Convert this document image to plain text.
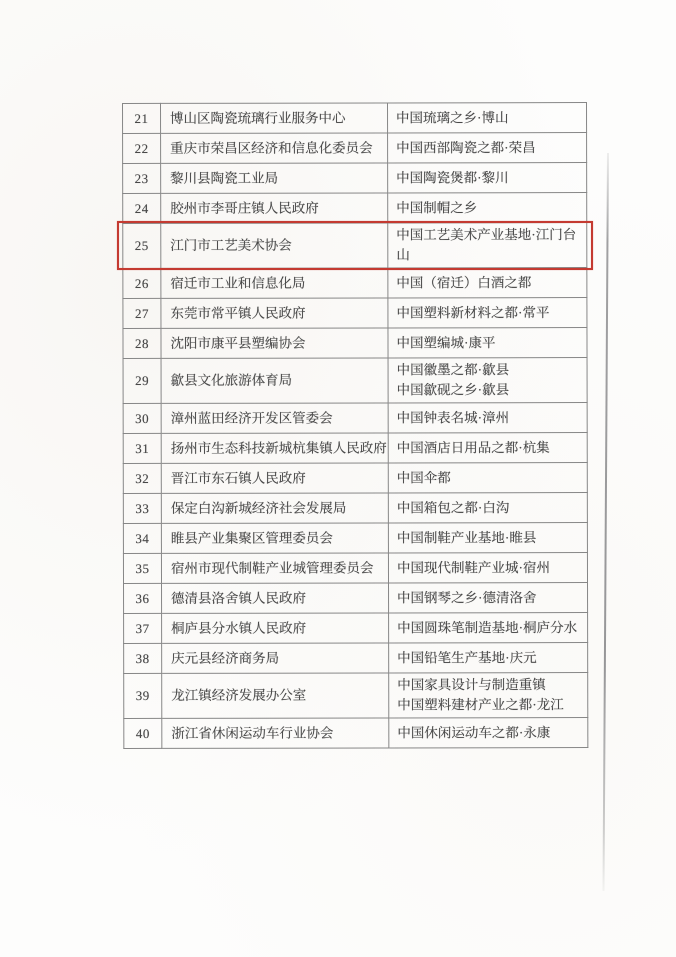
21	博山区陶瓷琉璃行业服务中心	中国琉璃之乡·博山

22	重庆市荣昌区经济和信息化委员会	中国西部陶瓷之都·荣昌

23	黎川县陶瓷工业局	中国陶瓷煲都·黎川

24	胶州市李哥庄镇人民政府	中国制帽之乡

25	江门市工艺美术协会	中国工艺美术产业基地·江门台山

26	宿迁市工业和信息化局	中国（宿迁）白酒之都

27	东莞市常平镇人民政府	中国塑料新材料之都·常平

28	沈阳市康平县塑编协会	中国塑编城·康平

29	歙县文化旅游体育局	中国徽墨之都·歙县
中国歙砚之乡·歙县

30	漳州蓝田经济开发区管委会	中国钟表名城·漳州

31	扬州市生态科技新城杭集镇人民政府	中国酒店日用品之都·杭集

32	晋江市东石镇人民政府	中国伞都

33	保定白沟新城经济社会发展局	中国箱包之都·白沟

34	睢县产业集聚区管理委员会	中国制鞋产业基地·睢县

35	宿州市现代制鞋产业城管理委员会	中国现代制鞋产业城·宿州

36	德清县洛舍镇人民政府	中国钢琴之乡·德清洛舍

37	桐庐县分水镇人民政府	中国圆珠笔制造基地·桐庐分水

38	庆元县经济商务局	中国铅笔生产基地·庆元

39	龙江镇经济发展办公室	中国家具设计与制造重镇
中国塑料建材产业之都·龙江

40	浙江省休闲运动车行业协会	中国休闲运动车之都·永康
